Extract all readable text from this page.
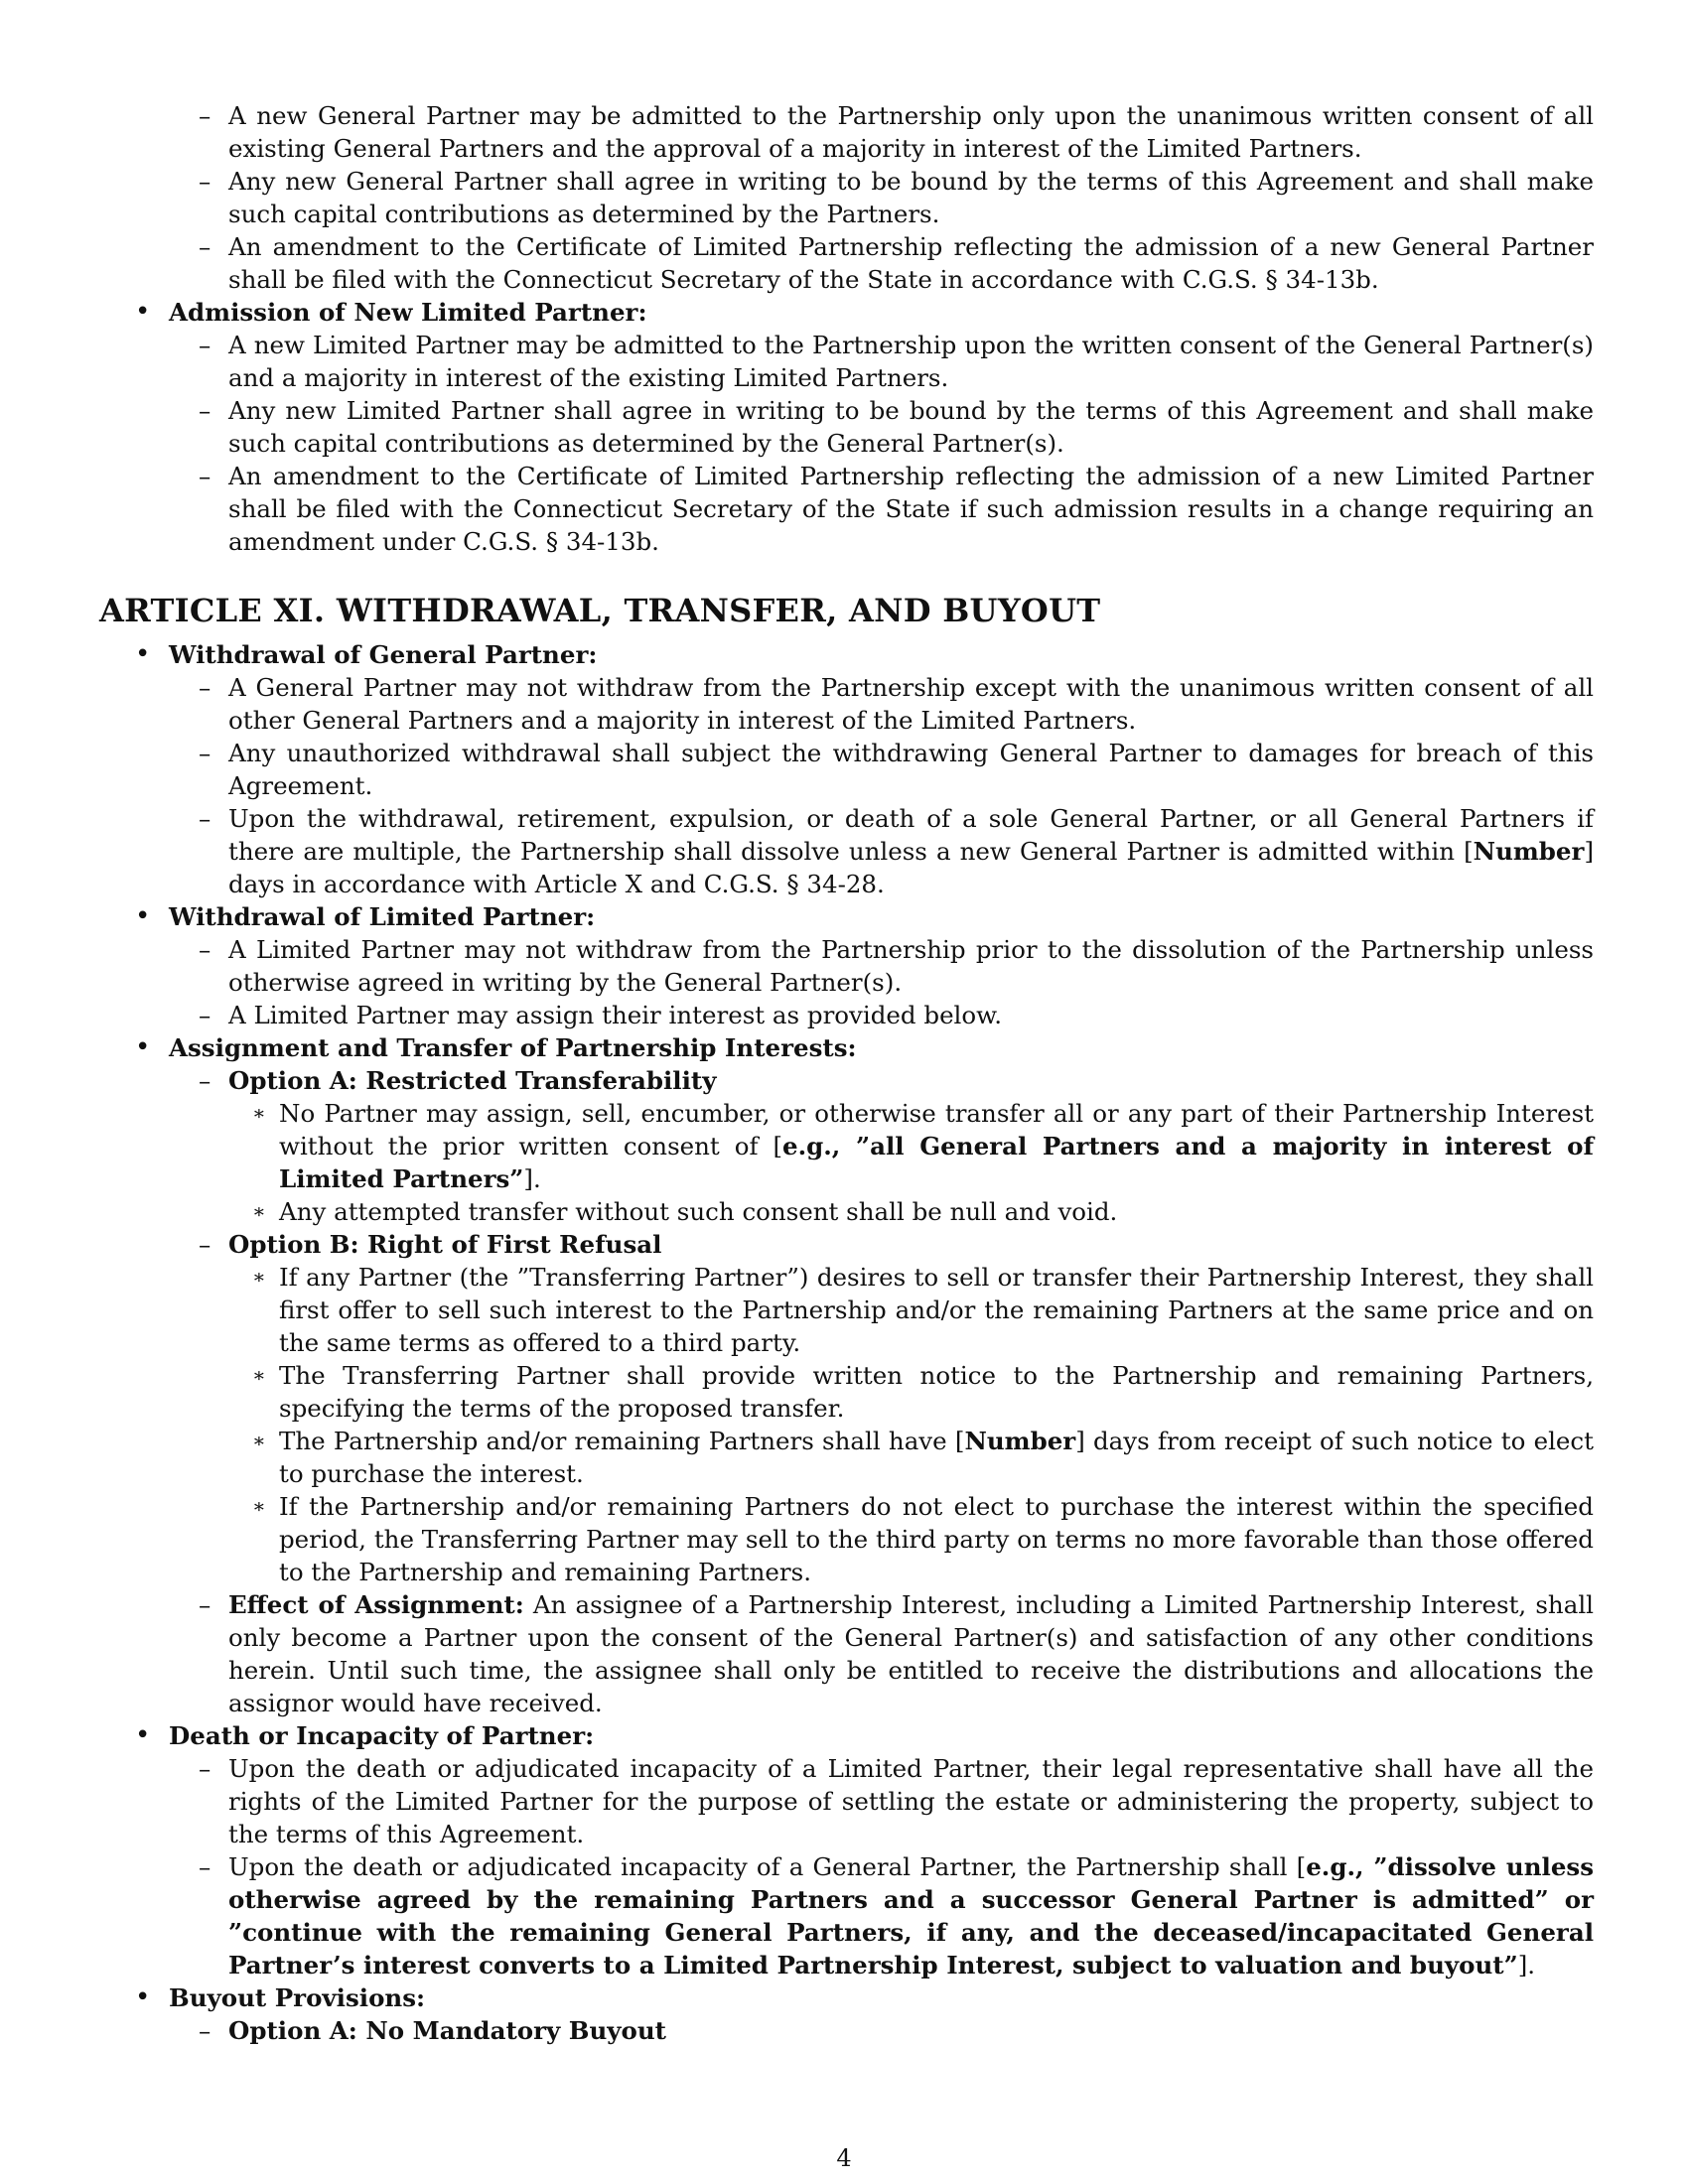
– A new General Partner may be admitted to the Partnership only upon the unanimous written consent of all existing General Partners and the approval of a majority in interest of the Limited Partners.
– Any new General Partner shall agree in writing to be bound by the terms of this Agreement and shall make such capital contributions as determined by the Partners.
– An amendment to the Certificate of Limited Partnership reflecting the admission of a new General Partner shall be filed with the Connecticut Secretary of the State in accordance with C.G.S. § 34-13b.
• Admission of New Limited Partner:
– A new Limited Partner may be admitted to the Partnership upon the written consent of the General Partner(s) and a majority in interest of the existing Limited Partners.
– Any new Limited Partner shall agree in writing to be bound by the terms of this Agreement and shall make such capital contributions as determined by the General Partner(s).
– An amendment to the Certificate of Limited Partnership reflecting the admission of a new Limited Partner shall be filed with the Connecticut Secretary of the State if such admission results in a change requiring an amendment under C.G.S. § 34-13b.
ARTICLE XI. WITHDRAWAL, TRANSFER, AND BUYOUT
• Withdrawal of General Partner:
– A General Partner may not withdraw from the Partnership except with the unanimous written consent of all other General Partners and a majority in interest of the Limited Partners.
– Any unauthorized withdrawal shall subject the withdrawing General Partner to damages for breach of this Agreement.
– Upon the withdrawal, retirement, expulsion, or death of a sole General Partner, or all General Partners if there are multiple, the Partnership shall dissolve unless a new General Partner is admitted within [Number] days in accordance with Article X and C.G.S. § 34-28.
• Withdrawal of Limited Partner:
– A Limited Partner may not withdraw from the Partnership prior to the dissolution of the Partnership unless otherwise agreed in writing by the General Partner(s).
– A Limited Partner may assign their interest as provided below.
• Assignment and Transfer of Partnership Interests:
– Option A: Restricted Transferability
∗ No Partner may assign, sell, encumber, or otherwise transfer all or any part of their Partnership Interest without the prior written consent of [e.g., ”all General Partners and a majority in interest of Limited Partners”].
∗ Any attempted transfer without such consent shall be null and void.
– Option B: Right of First Refusal
∗ If any Partner (the ”Transferring Partner”) desires to sell or transfer their Partnership Interest, they shall first offer to sell such interest to the Partnership and/or the remaining Partners at the same price and on the same terms as offered to a third party.
∗ The Transferring Partner shall provide written notice to the Partnership and remaining Partners, specifying the terms of the proposed transfer.
∗ The Partnership and/or remaining Partners shall have [Number] days from receipt of such notice to elect to purchase the interest.
∗ If the Partnership and/or remaining Partners do not elect to purchase the interest within the specified period, the Transferring Partner may sell to the third party on terms no more favorable than those offered to the Partnership and remaining Partners.
– Effect of Assignment: An assignee of a Partnership Interest, including a Limited Partnership Interest, shall only become a Partner upon the consent of the General Partner(s) and satisfaction of any other conditions herein. Until such time, the assignee shall only be entitled to receive the distributions and allocations the assignor would have received.
• Death or Incapacity of Partner:
– Upon the death or adjudicated incapacity of a Limited Partner, their legal representative shall have all the rights of the Limited Partner for the purpose of settling the estate or administering the property, subject to the terms of this Agreement.
– Upon the death or adjudicated incapacity of a General Partner, the Partnership shall [e.g., ”dissolve unless otherwise agreed by the remaining Partners and a successor General Partner is admitted” or ”continue with the remaining General Partners, if any, and the deceased/incapacitated General Partner’s interest converts to a Limited Partnership Interest, subject to valuation and buyout”].
• Buyout Provisions:
– Option A: No Mandatory Buyout
4
